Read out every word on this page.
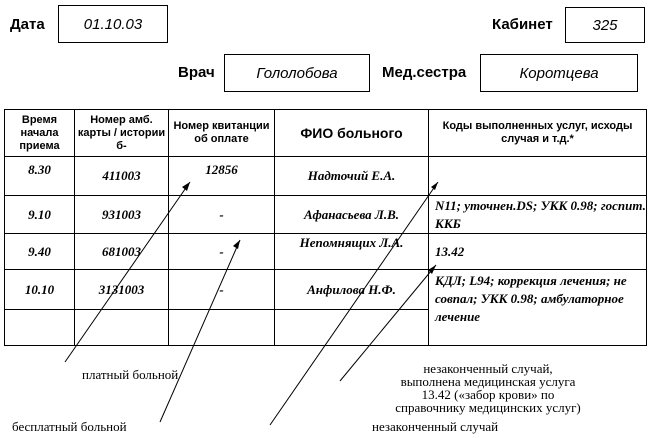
Дата	01.10.03	Кабинет	325
Врач	Гололобова	Мед.сестра	Коротцева
Время начала приема	Номер амб. карты / истории б-	Номер квитанции об оплате	ФИО больного	Коды выполненных услуг, исходы случая и т.д.*
8.30	411003	12856	Надточий Е.А.	
9.10	931003	-	Афанасьева Л.В.	N11; уточнен.DS; УКК 0.98; госпит. ККБ
9.40	681003	-	Непомнящих Л.А.	13.42
10.10	3131003	-	Анфилова Н.Ф.	КДЛ; L94; коррекция лечения; не совпал; УКК 0.98; амбулаторное лечение

платный больной
бесплатный больной
незаконченный случай, выполнена медицинская услуга 13.42 («забор крови» по справочнику медицинских услуг)
незаконченный случай
